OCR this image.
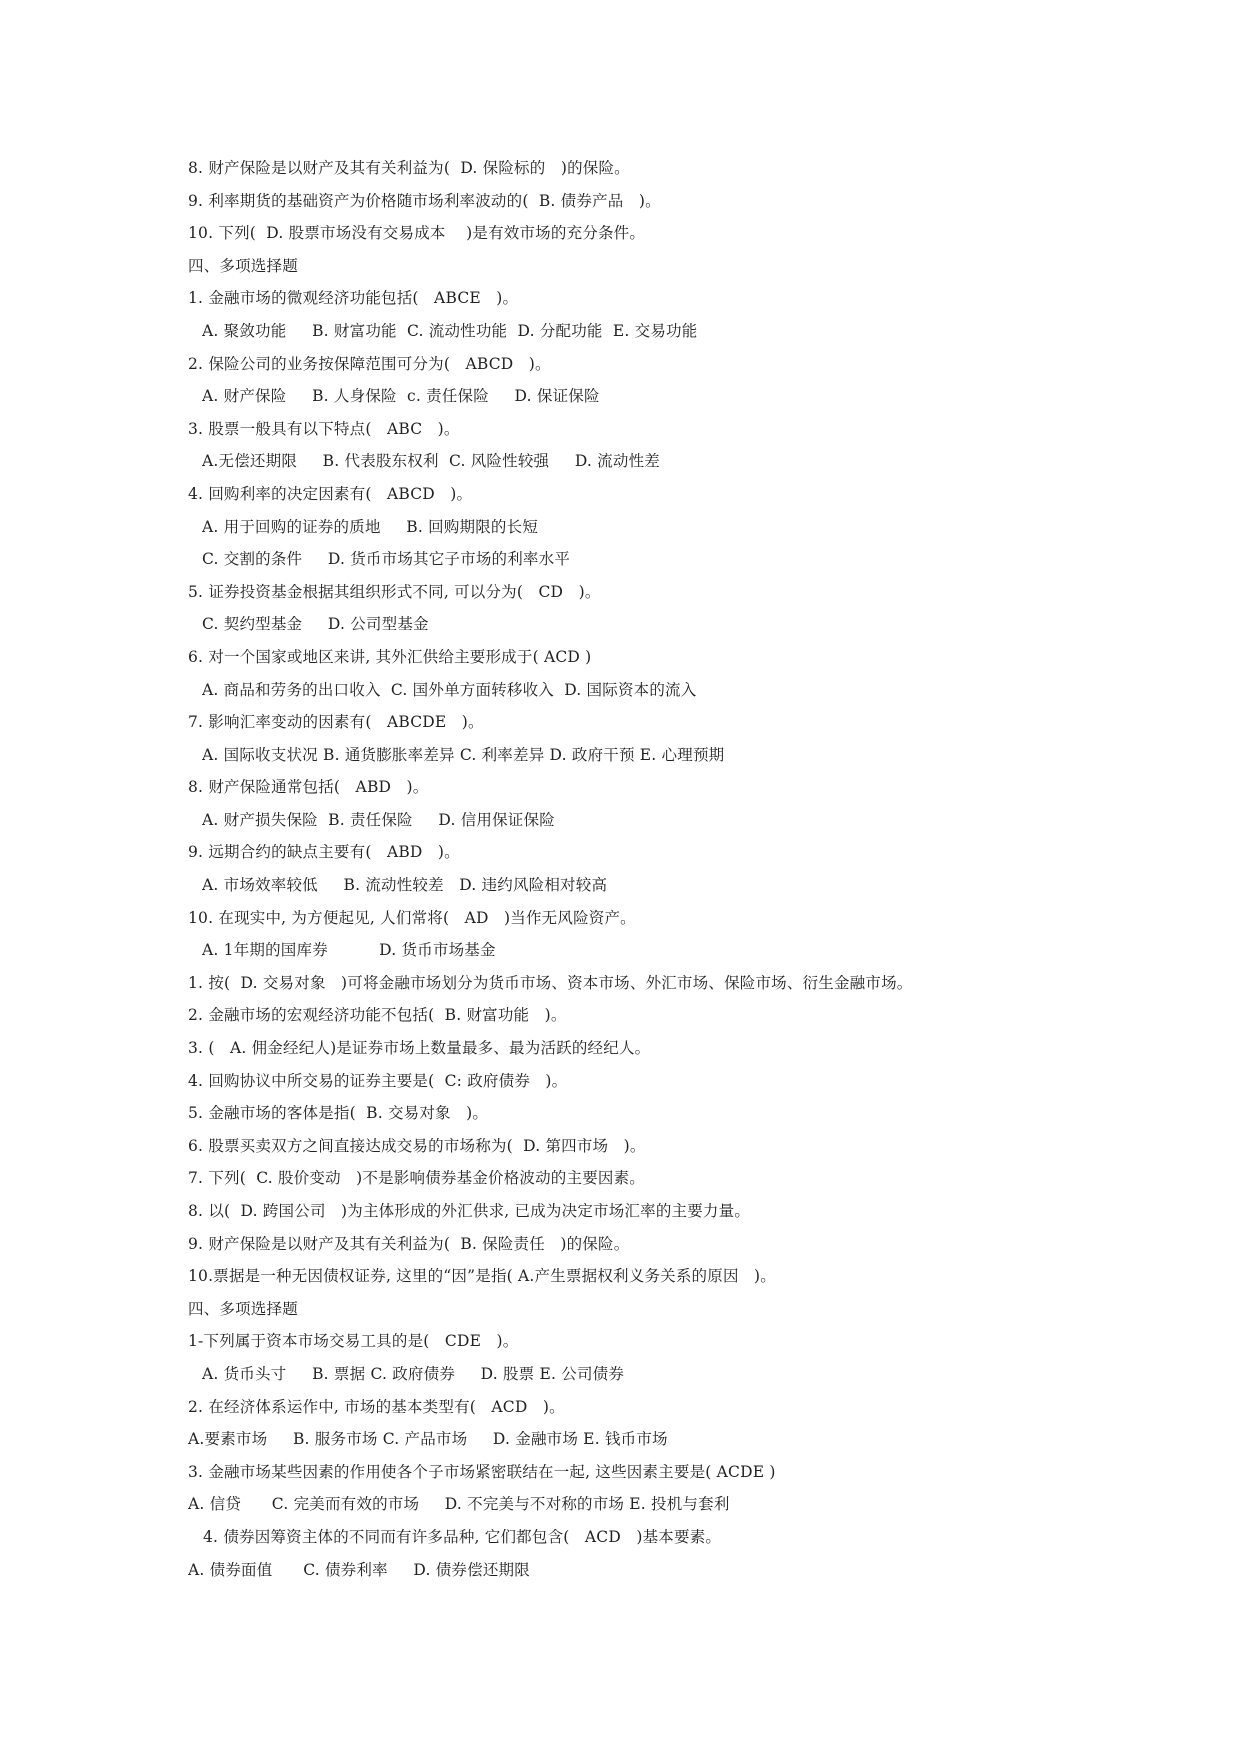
8. 财产保险是以财产及其有关利益为(  D. 保险标的   )的保险。
9. 利率期货的基础资产为价格随市场利率波动的(  B. 债券产品   )。
10. 下列(  D. 股票市场没有交易成本    )是有效市场的充分条件。
四、多项选择题
1. 金融市场的微观经济功能包括(   ABCE   )。
A. 聚敛功能     B. 财富功能  C. 流动性功能  D. 分配功能  E. 交易功能
2. 保险公司的业务按保障范围可分为(   ABCD   )。
A. 财产保险     B. 人身保险  c. 责任保险     D. 保证保险
3. 股票一般具有以下特点(   ABC   )。
A.无偿还期限     B. 代表股东权利  C. 风险性较强     D. 流动性差
4. 回购利率的决定因素有(   ABCD   )。
A. 用于回购的证券的质地     B. 回购期限的长短
C. 交割的条件     D. 货币市场其它子市场的利率水平
5. 证券投资基金根据其组织形式不同, 可以分为(   CD   )。
C. 契约型基金     D. 公司型基金
6. 对一个国家或地区来讲, 其外汇供给主要形成于( ACD )
A. 商品和劳务的出口收入  C. 国外单方面转移收入  D. 国际资本的流入
7. 影响汇率变动的因素有(   ABCDE   )。
A. 国际收支状况 B. 通货膨胀率差异 C. 利率差异 D. 政府干预 E. 心理预期
8. 财产保险通常包括(   ABD   )。
A. 财产损失保险  B. 责任保险     D. 信用保证保险
9. 远期合约的缺点主要有(   ABD   )。
A. 市场效率较低     B. 流动性较差   D. 违约风险相对较高
10. 在现实中, 为方便起见, 人们常将(   AD   )当作无风险资产。
A. 1年期的国库券          D. 货币市场基金
1. 按(  D. 交易对象   )可将金融市场划分为货币市场、资本市场、外汇市场、保险市场、衍生金融市场。
2. 金融市场的宏观经济功能不包括(  B. 财富功能   )。
3. (   A. 佣金经纪人)是证券市场上数量最多、最为活跃的经纪人。
4. 回购协议中所交易的证券主要是(  C: 政府债券   )。
5. 金融市场的客体是指(  B. 交易对象   )。
6. 股票买卖双方之间直接达成交易的市场称为(  D. 第四市场   )。
7. 下列(  C. 股价变动   )不是影响债券基金价格波动的主要因素。
8. 以(  D. 跨国公司   )为主体形成的外汇供求, 已成为决定市场汇率的主要力量。
9. 财产保险是以财产及其有关利益为(  B. 保险责任   )的保险。
10.票据是一种无因债权证券, 这里的“因”是指( A.产生票据权利义务关系的原因   )。
四、多项选择题
1-下列属于资本市场交易工具的是(   CDE   )。
A. 货币头寸     B. 票据 C. 政府债券     D. 股票 E. 公司债券
2. 在经济体系运作中, 市场的基本类型有(   ACD   )。
A.要素市场     B. 服务市场 C. 产品市场     D. 金融市场 E. 钱币市场
3. 金融市场某些因素的作用使各个子市场紧密联结在一起, 这些因素主要是( ACDE )
A. 信贷      C. 完美而有效的市场     D. 不完美与不对称的市场 E. 投机与套利
4. 债券因筹资主体的不同而有许多品种, 它们都包含(   ACD   )基本要素。
A. 债券面值      C. 债券利率     D. 债券偿还期限
